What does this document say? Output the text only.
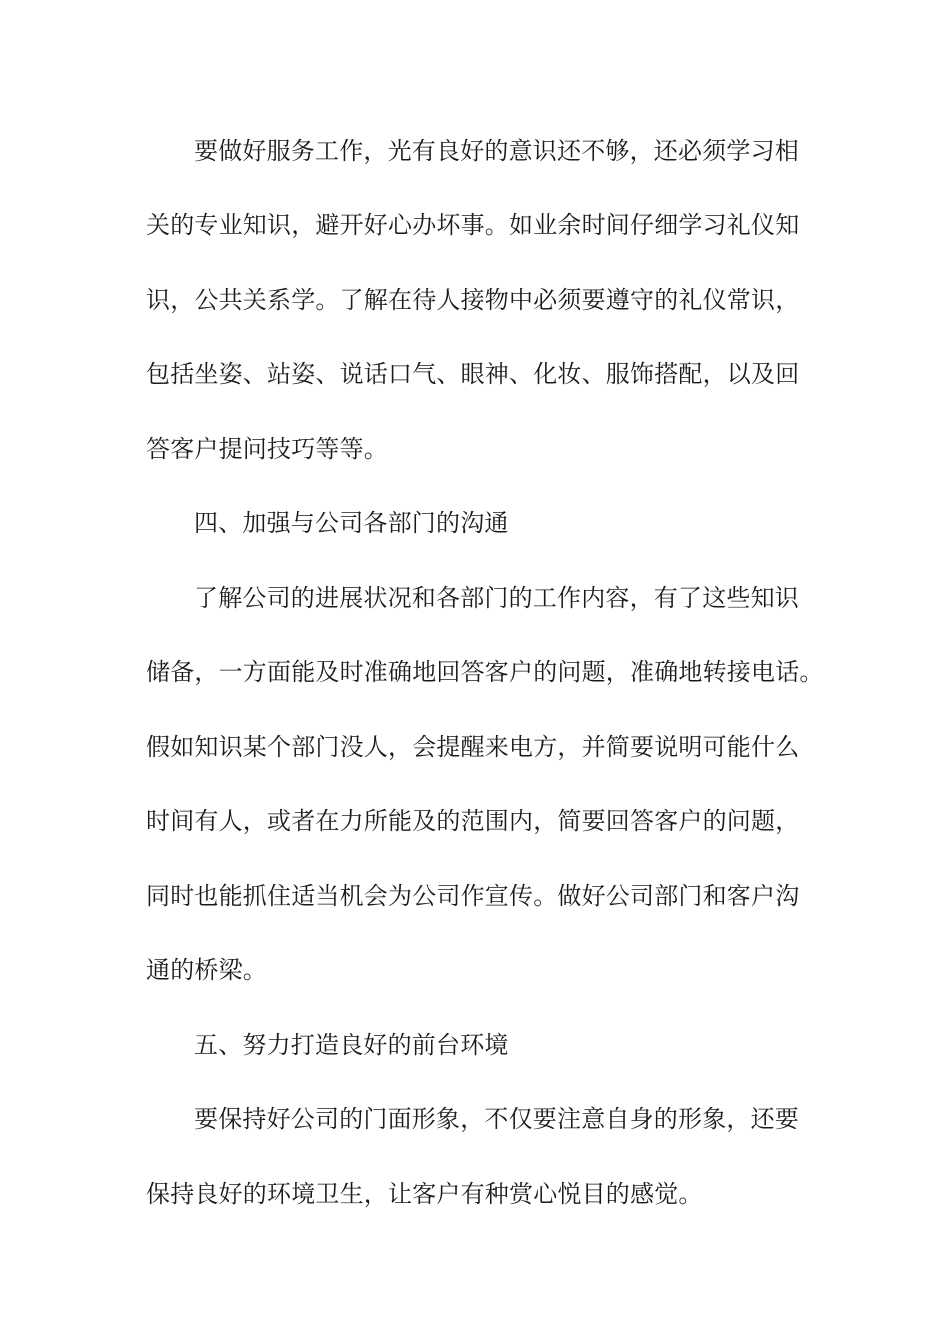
要做好服务工作，光有良好的意识还不够，还必须学习相
关的专业知识，避开好心办坏事。如业余时间仔细学习礼仪知
识，公共关系学。了解在待人接物中必须要遵守的礼仪常识，
包括坐姿、站姿、说话口气、眼神、化妆、服饰搭配，以及回
答客户提问技巧等等。
四、加强与公司各部门的沟通
了解公司的进展状况和各部门的工作内容，有了这些知识
储备，一方面能及时准确地回答客户的问题，准确地转接电话。
假如知识某个部门没人，会提醒来电方，并简要说明可能什么
时间有人，或者在力所能及的范围内，简要回答客户的问题，
同时也能抓住适当机会为公司作宣传。做好公司部门和客户沟
通的桥梁。
五、努力打造良好的前台环境
要保持好公司的门面形象，不仅要注意自身的形象，还要
保持良好的环境卫生，让客户有种赏心悦目的感觉。
